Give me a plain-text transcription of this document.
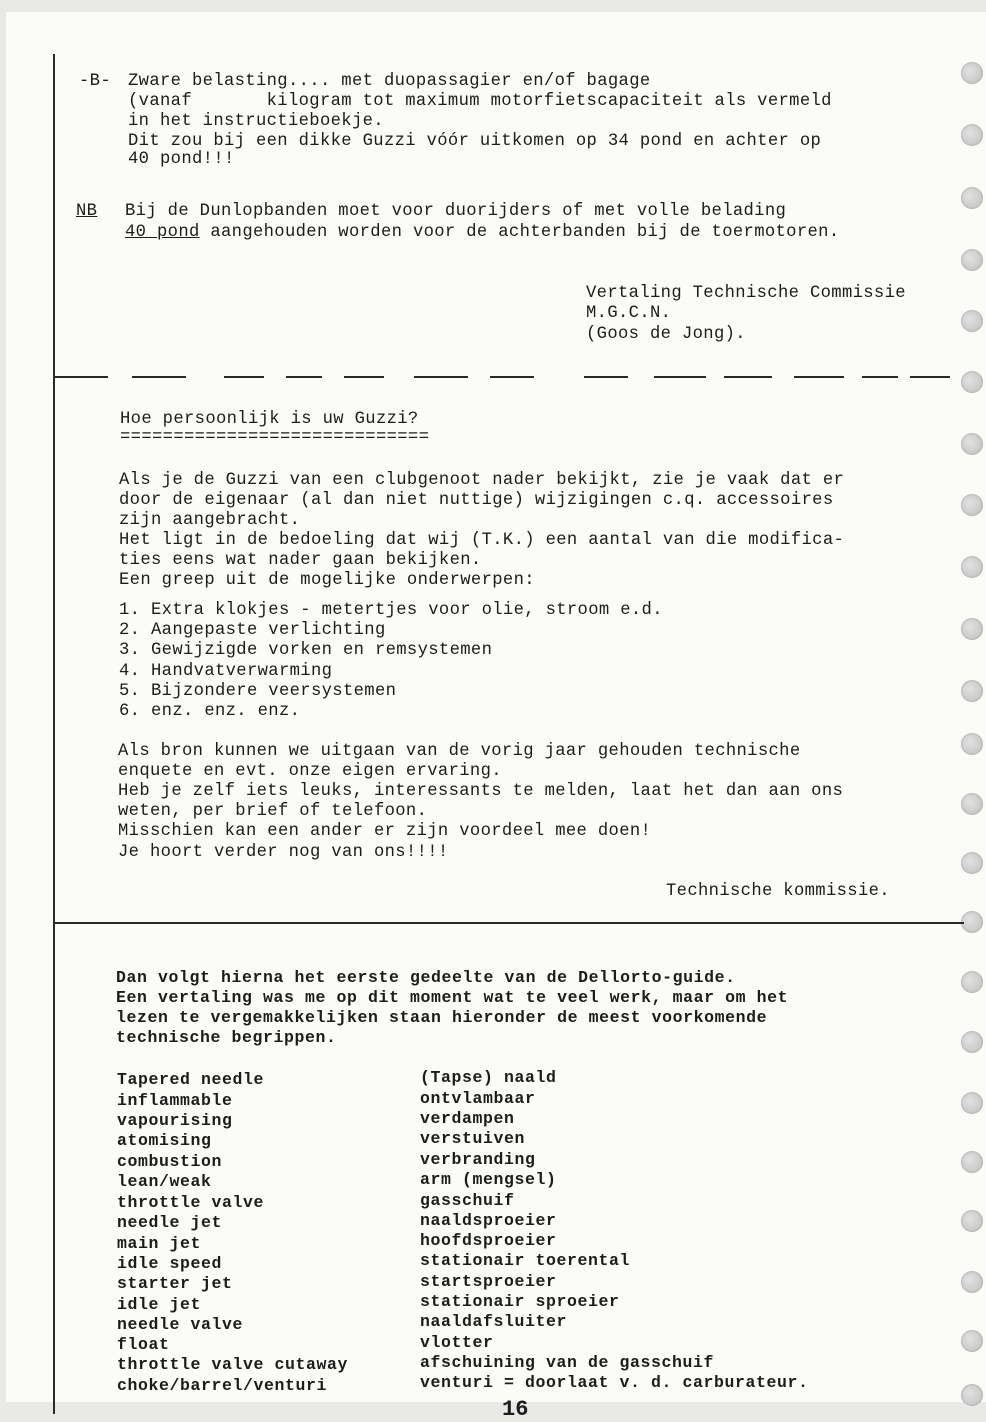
-B- Zware belasting.... met duopassagier en/of bagage
(vanaf       kilogram tot maximum motorfietscapaciteit als vermeld
in het instructieboekje.
Dit zou bij een dikke Guzzi vóór uitkomen op 34 pond en achter op
40 pond!!!
NB Bij de Dunlopbanden moet voor duorijders of met volle belading
40 pond aangehouden worden voor de achterbanden bij de toermotoren.
Vertaling Technische Commissie
M.G.C.N.
(Goos de Jong).
Hoe persoonlijk is uw Guzzi?
=============================
Als je de Guzzi van een clubgenoot nader bekijkt, zie je vaak dat er
door de eigenaar (al dan niet nuttige) wijzigingen c.q. accessoires
zijn aangebracht.
Het ligt in de bedoeling dat wij (T.K.) een aantal van die modifica-
ties eens wat nader gaan bekijken.
Een greep uit de mogelijke onderwerpen:
1. Extra klokjes - metertjes voor olie, stroom e.d.
2. Aangepaste verlichting
3. Gewijzigde vorken en remsystemen
4. Handvatverwarming
5. Bijzondere veersystemen
6. enz. enz. enz.
Als bron kunnen we uitgaan van de vorig jaar gehouden technische
enquete en evt. onze eigen ervaring.
Heb je zelf iets leuks, interessants te melden, laat het dan aan ons
weten, per brief of telefoon.
Misschien kan een ander er zijn voordeel mee doen!
Je hoort verder nog van ons!!!!
Technische kommissie.
Dan volgt hierna het eerste gedeelte van de Dellorto-guide.
Een vertaling was me op dit moment wat te veel werk, maar om het
lezen te vergemakkelijken staan hieronder de meest voorkomende
technische begrippen.
Tapered needle	(Tapse) naald
inflammable	ontvlambaar
vapourising	verdampen
atomising	verstuiven
combustion	verbranding
lean/weak	arm (mengsel)
throttle valve	gasschuif
needle jet	naaldsproeier
main jet	hoofdsproeier
idle speed	stationair toerental
starter jet	startsproeier
idle jet	stationair sproeier
needle valve	naaldafsluiter
float	vlotter
throttle valve cutaway	afschuining van de gasschuif
choke/barrel/venturi	venturi = doorlaat v. d. carburateur.
16
